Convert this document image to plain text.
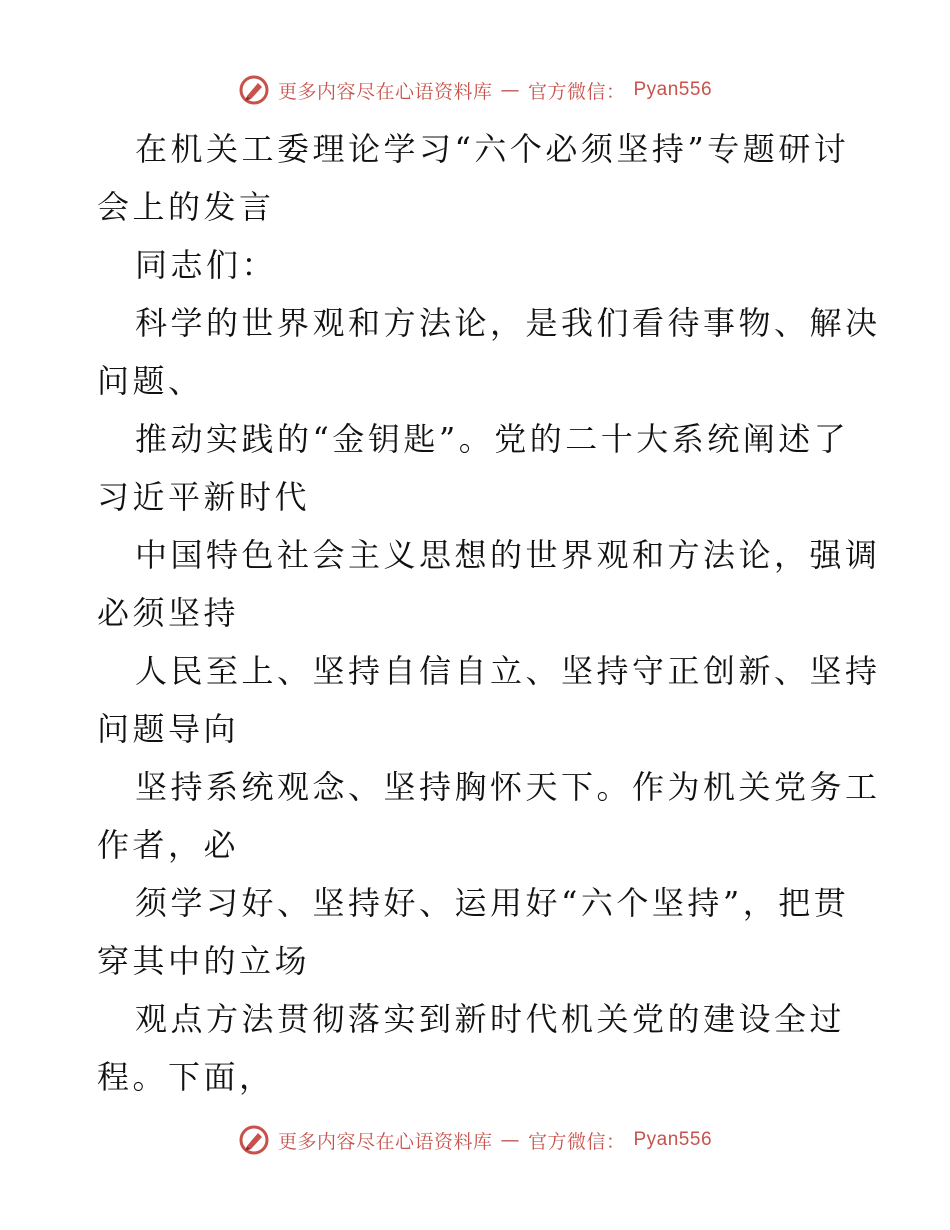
更多内容尽在心语资料库 — 官方微信： Pyan556

在机关工委理论学习“六个必须坚持”专题研讨

会上的发言

同志们：

科学的世界观和方法论，是我们看待事物、解决

问题、

推动实践的“金钥匙”。党的二十大系统阐述了

习近平新时代

中国特色社会主义思想的世界观和方法论，强调

必须坚持

人民至上、坚持自信自立、坚持守正创新、坚持

问题导向

坚持系统观念、坚持胸怀天下。作为机关党务工

作者，必

须学习好、坚持好、运用好“六个坚持”，把贯

穿其中的立场

观点方法贯彻落实到新时代机关党的建设全过

程。下面，

更多内容尽在心语资料库 — 官方微信： Pyan556
